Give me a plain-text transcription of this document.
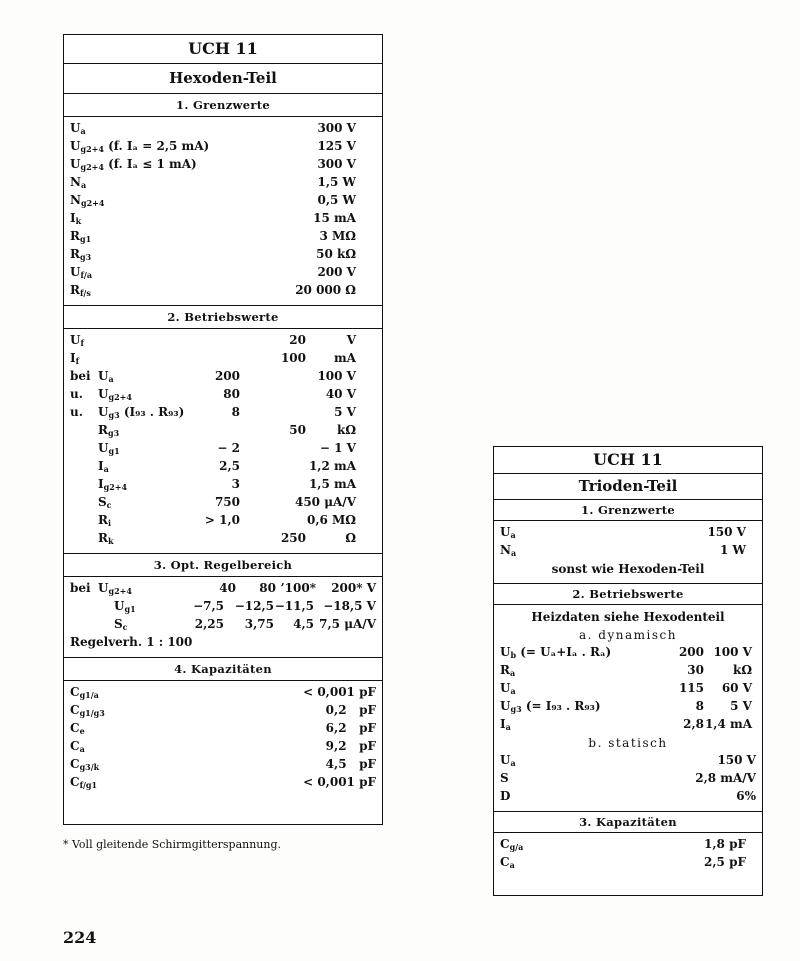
UCH 11
Hexoden-Teil
1. Grenzwerte
$U_a$	300 V
$U_{g2+4}$ (f. Iₐ = 2,5 mA)	125 V
$U_{g2+4}$ (f. Iₐ ≤ 1 mA)	300 V
$N_a$	1,5 W
$N_{g2+4}$	0,5 W
$I_k$	15 mA
$R_{g1}$	3 MΩ
$R_{g3}$	50 kΩ
$U_{f/a}$	200 V
$R_{f/s}$	20 000 Ω
2. Betriebswerte
$U_f$	20	V
$I_f$	100 mA
bei $U_a$	200	100 V
u. $U_{g2+4}$	80	40 V
u. $U_{g3}$ (I₉₃ . R₉₃)	8	5 V
$R_{g3}$	50	kΩ
$U_{g1}$	− 2	− 1 V
$I_a$	2,5	1,2 mA
$I_{g2+4}$	3	1,5 mA
$S_c$	750	450 μA/V
$R_i$	> 1,0	0,6 MΩ
$R_k$	250	Ω
3. Opt. Regelbereich
bei $U_{g2+4}$	40 80 ’100* 200* V
$U_{g1}$	−7,5 −12,5 −11,5 −18,5 V
$S_c$	2,25 3,75 4,5 7,5 μA/V
Regelverh. 1 : 100
4. Kapazitäten
$C_{g1/a}$	< 0,001 pF
$C_{g1/g3}$	0,2   pF
$C_e$	6,2   pF
$C_a$	9,2   pF
$C_{g3/k}$	4,5   pF
$C_{f/g1}$	< 0,001 pF
* Voll gleitende Schirmgitterspannung.
224
UCH 11
Trioden-Teil
1. Grenzwerte
$U_a$	150 V
$N_a$	1 W
sonst wie Hexoden-Teil
2. Betriebswerte
Heizdaten siehe Hexodenteil
a. dynamisch
$U_b$ (= Uₐ+Iₐ . Rₐ)	200 100 V
$R_a$	30 kΩ
$U_a$	115 60 V
$U_{g3}$ (= I₉₃ . R₉₃)	8 5 V
$I_a$	2,8 1,4 mA
b. statisch
$U_a$	150 V
S	2,8 mA/V
D	6%
3. Kapazitäten
$C_{g/a}$	1,8 pF
$C_a$	2,5 pF
